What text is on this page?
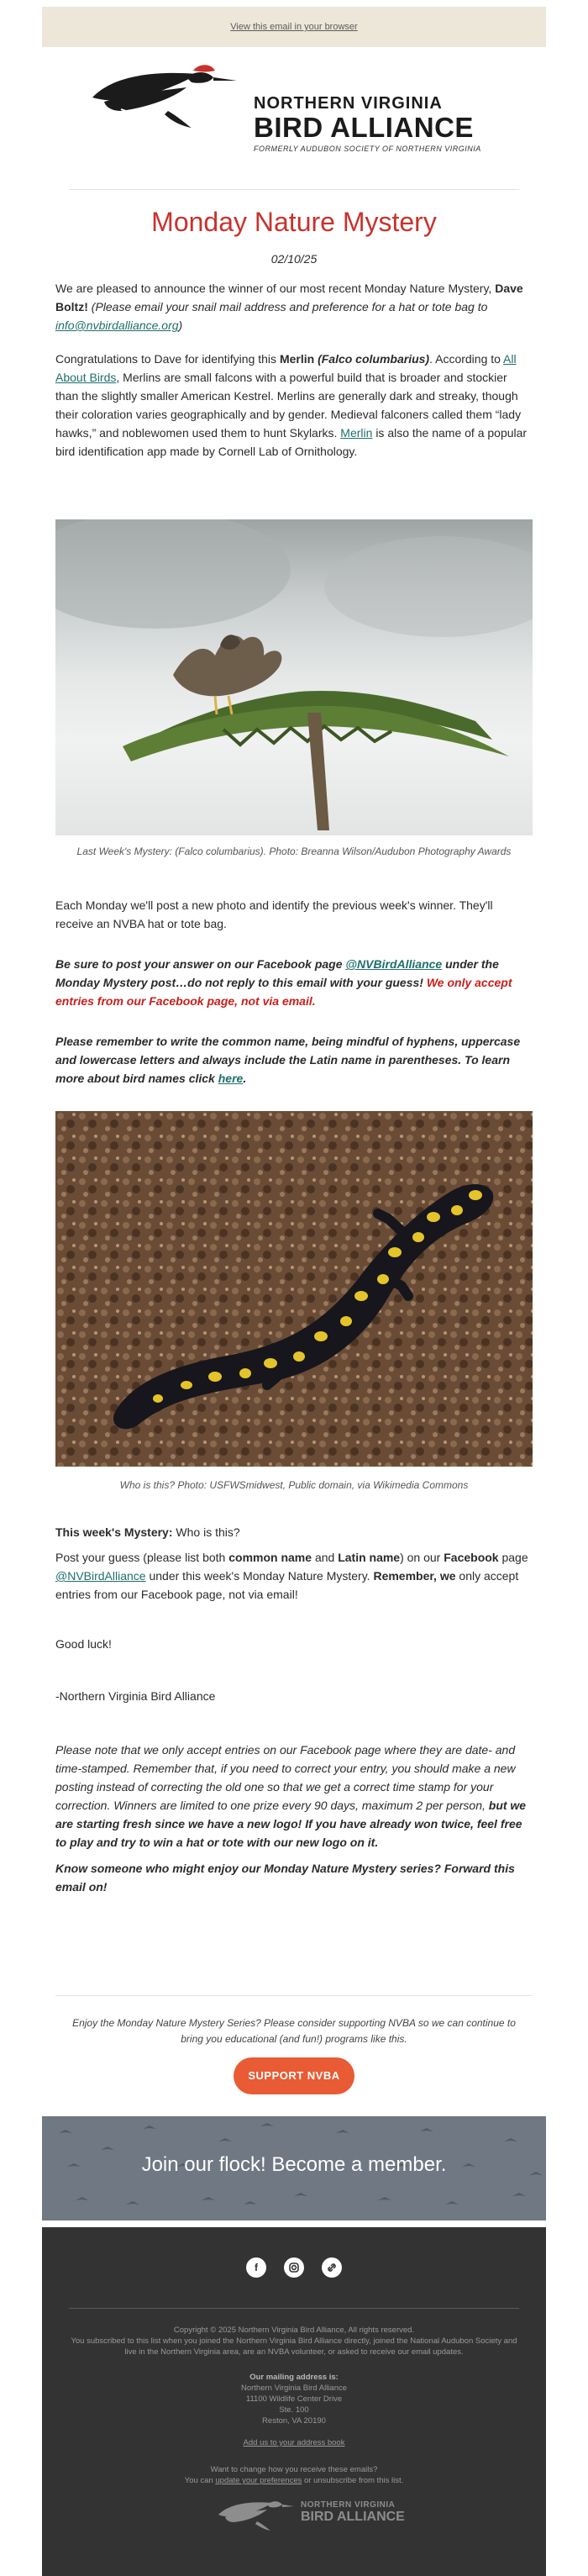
View this email in your browser
NORTHERN VIRGINIA
BIRD ALLIANCE
FORMERLY AUDUBON SOCIETY OF NORTHERN VIRGINIA
Monday Nature Mystery
02/10/25

We are pleased to announce the winner of our most recent Monday Nature Mystery, Dave Boltz! (Please email your snail mail address and preference for a hat or tote bag to info@nvbirdalliance.org)

Congratulations to Dave for identifying this Merlin (Falco columbarius). According to All About Birds, Merlins are small falcons with a powerful build that is broader and stockier than the slightly smaller American Kestrel. Merlins are generally dark and streaky, though their coloration varies geographically and by gender. Medieval falconers called them “lady hawks,” and noblewomen used them to hunt Skylarks. Merlin is also the name of a popular bird identification app made by Cornell Lab of Ornithology.

Last Week's Mystery: (Falco columbarius). Photo: Breanna Wilson/Audubon Photography Awards

Each Monday we'll post a new photo and identify the previous week's winner. They'll receive an NVBA hat or tote bag.

Be sure to post your answer on our Facebook page @NVBirdAlliance under the Monday Mystery post…do not reply to this email with your guess! We only accept entries from our Facebook page, not via email.

Please remember to write the common name, being mindful of hyphens, uppercase and lowercase letters and always include the Latin name in parentheses. To learn more about bird names click here.

Who is this? Photo: USFWSmidwest, Public domain, via Wikimedia Commons

This week's Mystery: Who is this?

Post your guess (please list both common name and Latin name) on our Facebook page @NVBirdAlliance under this week's Monday Nature Mystery. Remember, we only accept entries from our Facebook page, not via email!

Good luck!

-Northern Virginia Bird Alliance

Please note that we only accept entries on our Facebook page where they are date- and time-stamped. Remember that, if you need to correct your entry, you should make a new posting instead of correcting the old one so that we get a correct time stamp for your correction. Winners are limited to one prize every 90 days, maximum 2 per person, but we are starting fresh since we have a new logo! If you have already won twice, feel free to play and try to win a hat or tote with our new logo on it.

Know someone who might enjoy our Monday Nature Mystery series? Forward this email on!

Enjoy the Monday Nature Mystery Series? Please consider supporting NVBA so we can continue to bring you educational (and fun!) programs like this.
SUPPORT NVBA
Join our flock! Become a member.
f
Copyright © 2025 Northern Virginia Bird Alliance, All rights reserved.
You subscribed to this list when you joined the Northern Virginia Bird Alliance directly, joined the National Audubon Society and live in the Northern Virginia area, are an NVBA volunteer, or asked to receive our email updates.
Our mailing address is:
Northern Virginia Bird Alliance
11100 Wildlife Center Drive
Ste. 100
Reston, VA 20190
Add us to your address book
Want to change how you receive these emails?
You can update your preferences or unsubscribe from this list.
NORTHERN VIRGINIA
BIRD ALLIANCE
